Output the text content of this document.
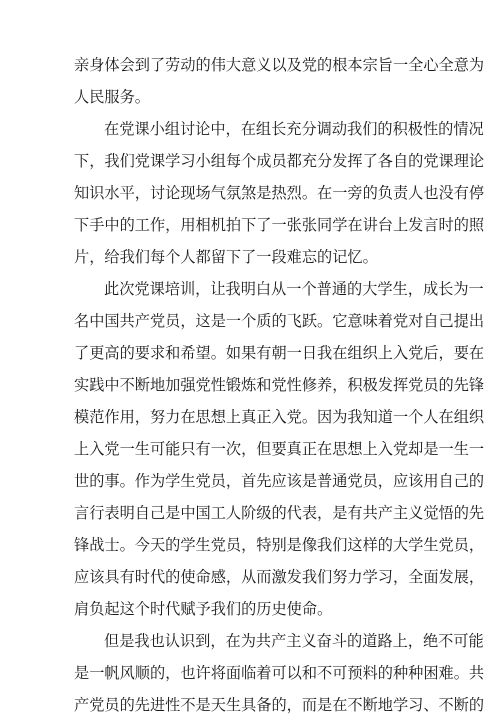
亲身体会到了劳动的伟大意义以及党的根本宗旨一全心全意为
人民服务。
在党课小组讨论中，在组长充分调动我们的积极性的情况
下，我们党课学习小组每个成员都充分发挥了各自的党课理论
知识水平，讨论现场气氛煞是热烈。在一旁的负责人也没有停
下手中的工作，用相机拍下了一张张同学在讲台上发言时的照
片，给我们每个人都留下了一段难忘的记忆。
此次党课培训，让我明白从一个普通的大学生，成长为一
名中国共产党员，这是一个质的飞跃。它意味着党对自己提出
了更高的要求和希望。如果有朝一日我在组织上入党后，要在
实践中不断地加强党性锻炼和党性修养，积极发挥党员的先锋
模范作用，努力在思想上真正入党。因为我知道一个人在组织
上入党一生可能只有一次，但要真正在思想上入党却是一生一
世的事。作为学生党员，首先应该是普通党员，应该用自己的
言行表明自己是中国工人阶级的代表，是有共产主义觉悟的先
锋战士。今天的学生党员，特别是像我们这样的大学生党员，
应该具有时代的使命感，从而激发我们努力学习，全面发展，
肩负起这个时代赋予我们的历史使命。
但是我也认识到，在为共产主义奋斗的道路上，绝不可能
是一帆风顺的，也许将面临着可以和不可预料的种种困难。共
产党员的先进性不是天生具备的，而是在不断地学习、不断的
